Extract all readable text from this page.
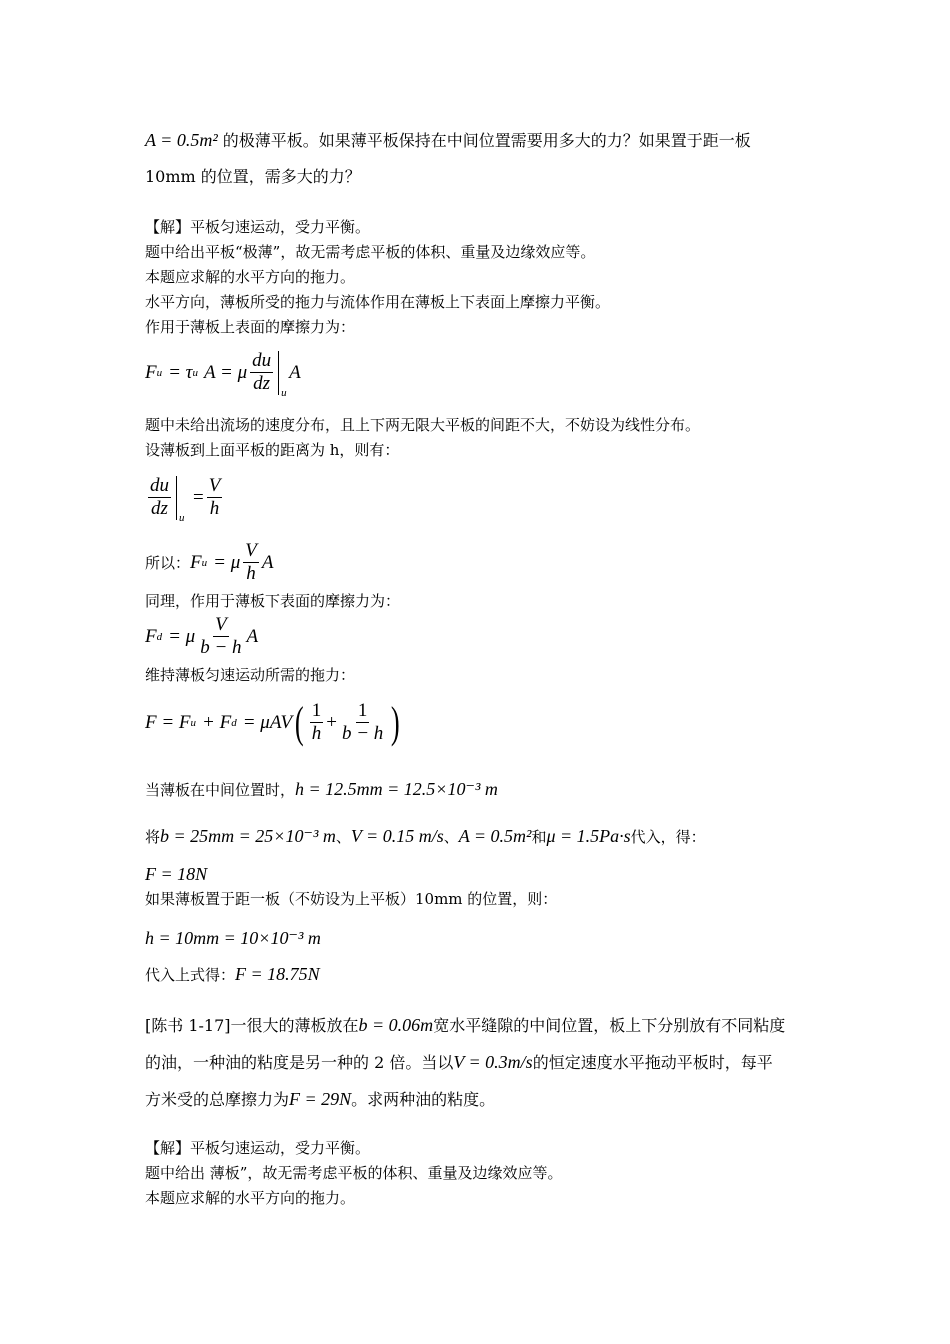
A = 0.5m² 的极薄平板。如果薄平板保持在中间位置需要用多大的力？如果置于距一板
10mm 的位置，需多大的力？
【解】平板匀速运动，受力平衡。
题中给出平板“极薄”，故无需考虑平板的体积、重量及边缘效应等。
本题应求解的水平方向的拖力。
水平方向，薄板所受的拖力与流体作用在薄板上下表面上摩擦力平衡。
作用于薄板上表面的摩擦力为：
F u = τ u A = μ $\frac{du}{dz}$ u
A
题中未给出流场的速度分布，且上下两无限大平板的间距不大，不妨设为线性分布。
设薄板到上面平板的距离为 h，则有：
$\frac{du}{dz}$ u
= $\frac{V}{h}$
所以： F u = μ $\frac{V}{h}$ A
同理，作用于薄板下表面的摩擦力为：
F d = μ $\frac{V}{b - h}$ A
维持薄板匀速运动所需的拖力：
F = F u + F d = μAV ( $\frac{1}{h} + \frac{1}{b - h}$ )
当薄板在中间位置时，h = 12.5mm = 12.5×10⁻³ m
将b = 25mm = 25×10⁻³ m、V = 0.15 m/s、A = 0.5m²和μ = 1.5Pa·s代入，得：
F = 18N
如果薄板置于距一板（不妨设为上平板）10mm 的位置，则：
h = 10mm = 10×10⁻³ m
代入上式得：F = 18.75N
[陈书 1-17]一很大的薄板放在b = 0.06m宽水平缝隙的中间位置，板上下分别放有不同粘度
的油，一种油的粘度是另一种的 2 倍。当以V = 0.3m/s的恒定速度水平拖动平板时，每平
方米受的总摩擦力为F = 29N。求两种油的粘度。
【解】平板匀速运动，受力平衡。
题中给出 薄板”，故无需考虑平板的体积、重量及边缘效应等。
本题应求解的水平方向的拖力。
